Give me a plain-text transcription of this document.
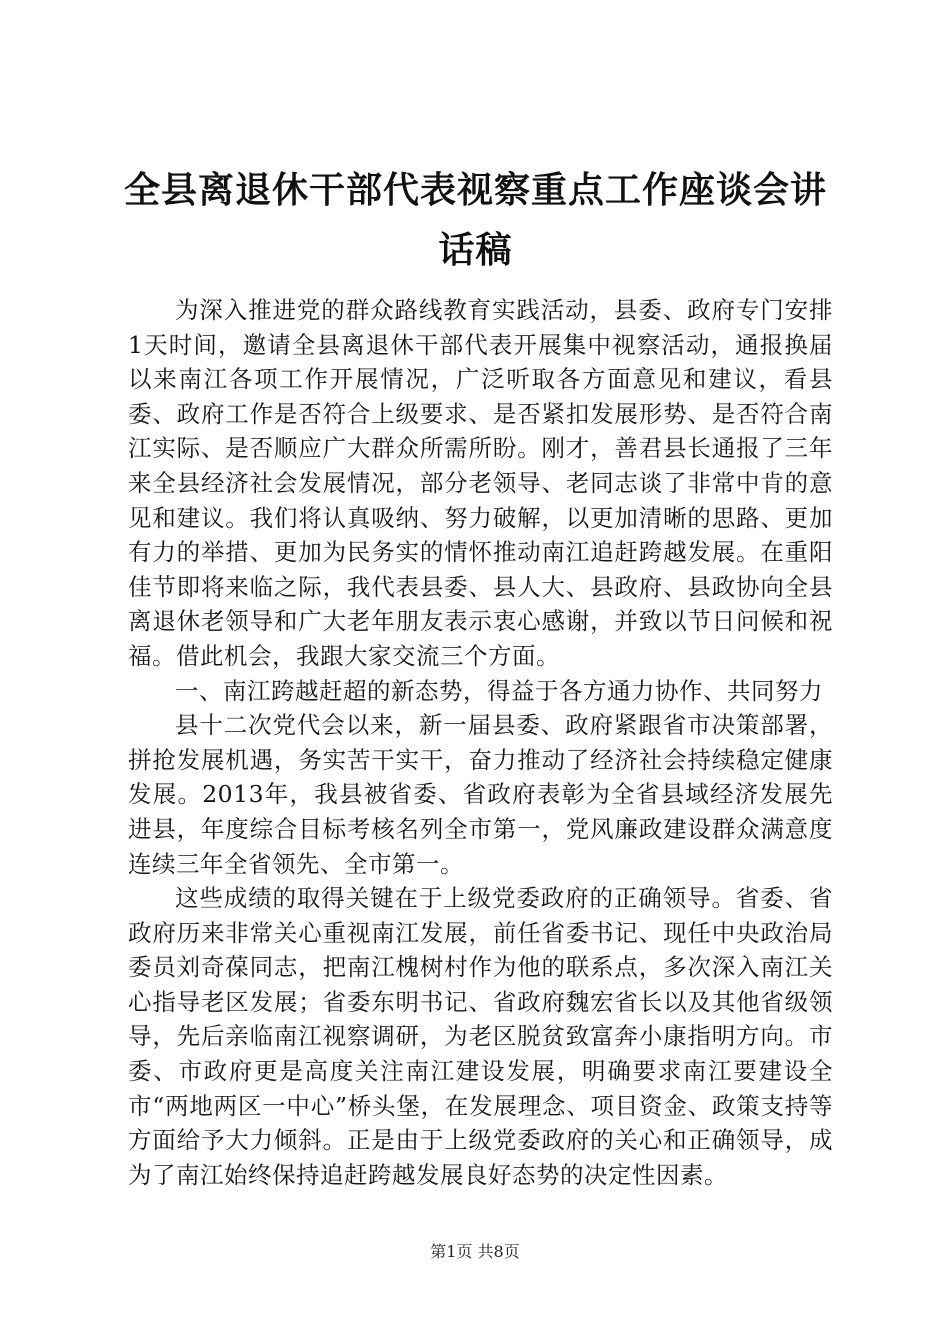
全县离退休干部代表视察重点工作座谈会讲话稿

为深入推进党的群众路线教育实践活动，县委、政府专门安排1天时间，邀请全县离退休干部代表开展集中视察活动，通报换届以来南江各项工作开展情况，广泛听取各方面意见和建议，看县委、政府工作是否符合上级要求、是否紧扣发展形势、是否符合南江实际、是否顺应广大群众所需所盼。刚才，善君县长通报了三年来全县经济社会发展情况，部分老领导、老同志谈了非常中肯的意见和建议。我们将认真吸纳、努力破解，以更加清晰的思路、更加有力的举措、更加为民务实的情怀推动南江追赶跨越发展。在重阳佳节即将来临之际，我代表县委、县人大、县政府、县政协向全县离退休老领导和广大老年朋友表示衷心感谢，并致以节日问候和祝福。借此机会，我跟大家交流三个方面。

一、南江跨越赶超的新态势，得益于各方通力协作、共同努力

县十二次党代会以来，新一届县委、政府紧跟省市决策部署，拼抢发展机遇，务实苦干实干，奋力推动了经济社会持续稳定健康发展。2013年，我县被省委、省政府表彰为全省县域经济发展先进县，年度综合目标考核名列全市第一，党风廉政建设群众满意度连续三年全省领先、全市第一。

这些成绩的取得关键在于上级党委政府的正确领导。省委、省政府历来非常关心重视南江发展，前任省委书记、现任中央政治局委员刘奇葆同志，把南江槐树村作为他的联系点，多次深入南江关心指导老区发展；省委东明书记、省政府魏宏省长以及其他省级领导，先后亲临南江视察调研，为老区脱贫致富奔小康指明方向。市委、市政府更是高度关注南江建设发展，明确要求南江要建设全市“两地两区一中心”桥头堡，在发展理念、项目资金、政策支持等方面给予大力倾斜。正是由于上级党委政府的关心和正确领导，成为了南江始终保持追赶跨越发展良好态势的决定性因素。

第1页 共8页
